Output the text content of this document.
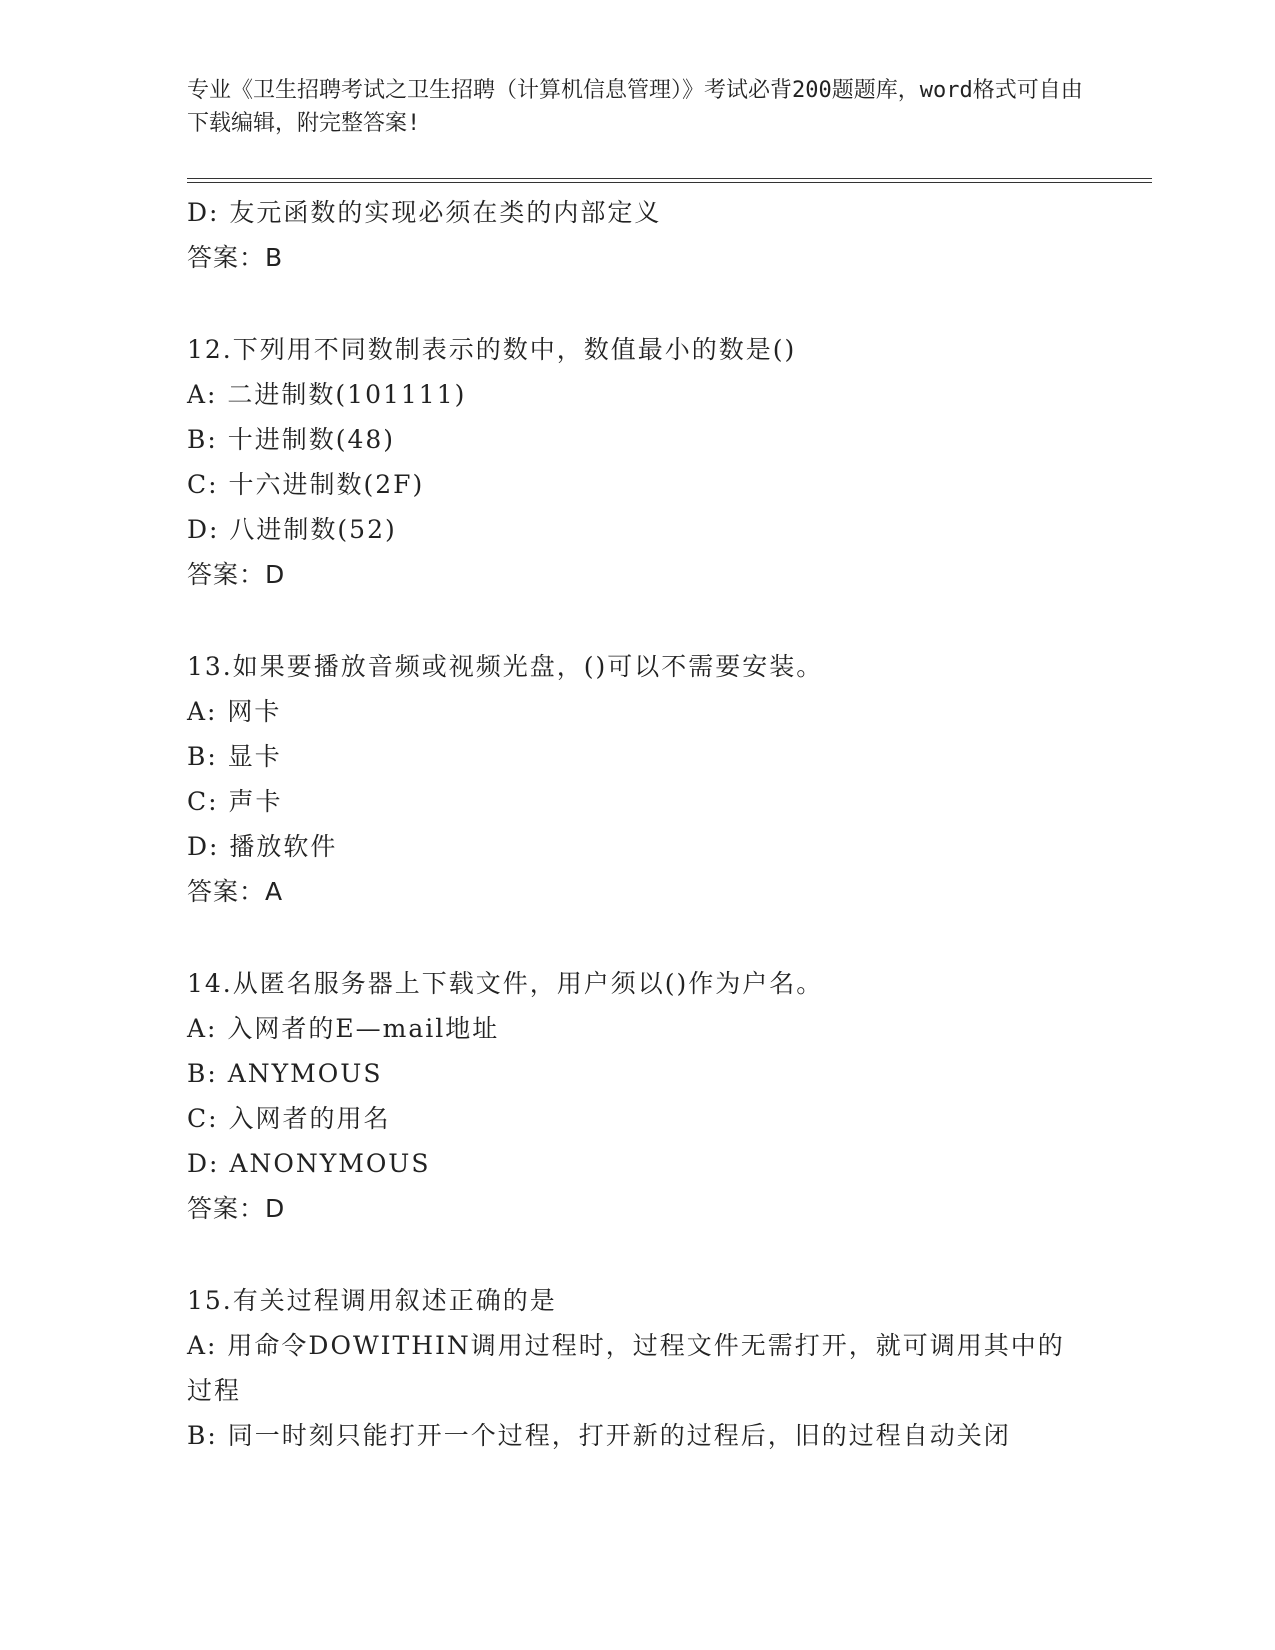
专业《卫生招聘考试之卫生招聘（计算机信息管理）》考试必背200题题库，word格式可自由下载编辑，附完整答案!
D: 友元函数的实现必须在类的内部定义
答案：B
12.下列用不同数制表示的数中，数值最小的数是()
A: 二进制数(101111)
B: 十进制数(48)
C: 十六进制数(2F)
D: 八进制数(52)
答案：D
13.如果要播放音频或视频光盘，()可以不需要安装。
A: 网卡
B: 显卡
C: 声卡
D: 播放软件
答案：A
14.从匿名服务器上下载文件，用户须以()作为户名。
A: 入网者的E—mail地址
B: ANYMOUS
C: 入网者的用名
D: ANONYMOUS
答案：D
15.有关过程调用叙述正确的是
A: 用命令DOWITHIN调用过程时，过程文件无需打开，就可调用其中的过程
B: 同一时刻只能打开一个过程，打开新的过程后，旧的过程自动关闭
